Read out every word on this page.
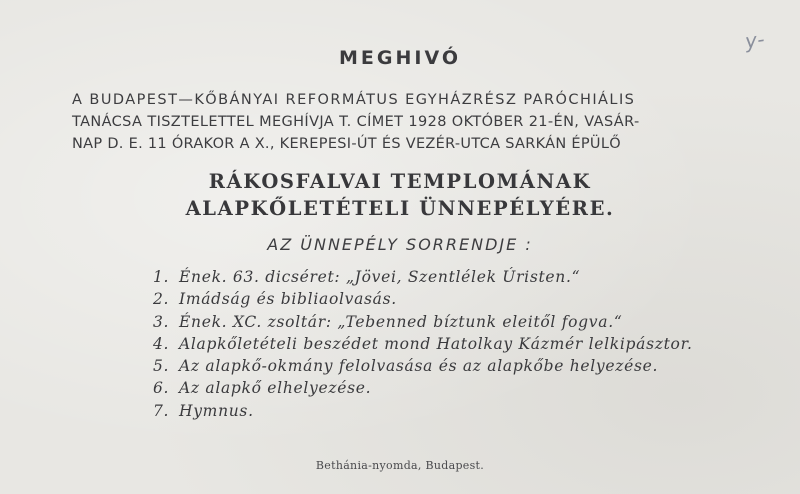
y-
MEGHIVÓ
A BUDAPEST—KŐBÁNYAI REFORMÁTUS EGYHÁZRÉSZ PARÓCHIÁLIS
TANÁCSA TISZTELETTEL MEGHÍVJA T. CÍMET 1928 OKTÓBER 21-ÉN, VASÁR-
NAP D. E. 11 ÓRAKOR A X., KEREPESI-ÚT ÉS VEZÉR-UTCA SARKÁN ÉPÜLŐ
RÁKOSFALVAI TEMPLOMÁNAK
ALAPKŐLETÉTELI ÜNNEPÉLYÉRE.
AZ ÜNNEPÉLY SORRENDJE :
1. Ének. 63. dicséret: „Jövei, Szentlélek Úristen.“
2. Imádság és bibliaolvasás.
3. Ének. XC. zsoltár: „Tebenned bíztunk eleitől fogva.“
4. Alapkőletételi beszédet mond Hatolkay Kázmér lelkipásztor.
5. Az alapkő-okmány felolvasása és az alapkőbe helyezése.
6. Az alapkő elhelyezése.
7. Hymnus.
Bethánia-nyomda, Budapest.
